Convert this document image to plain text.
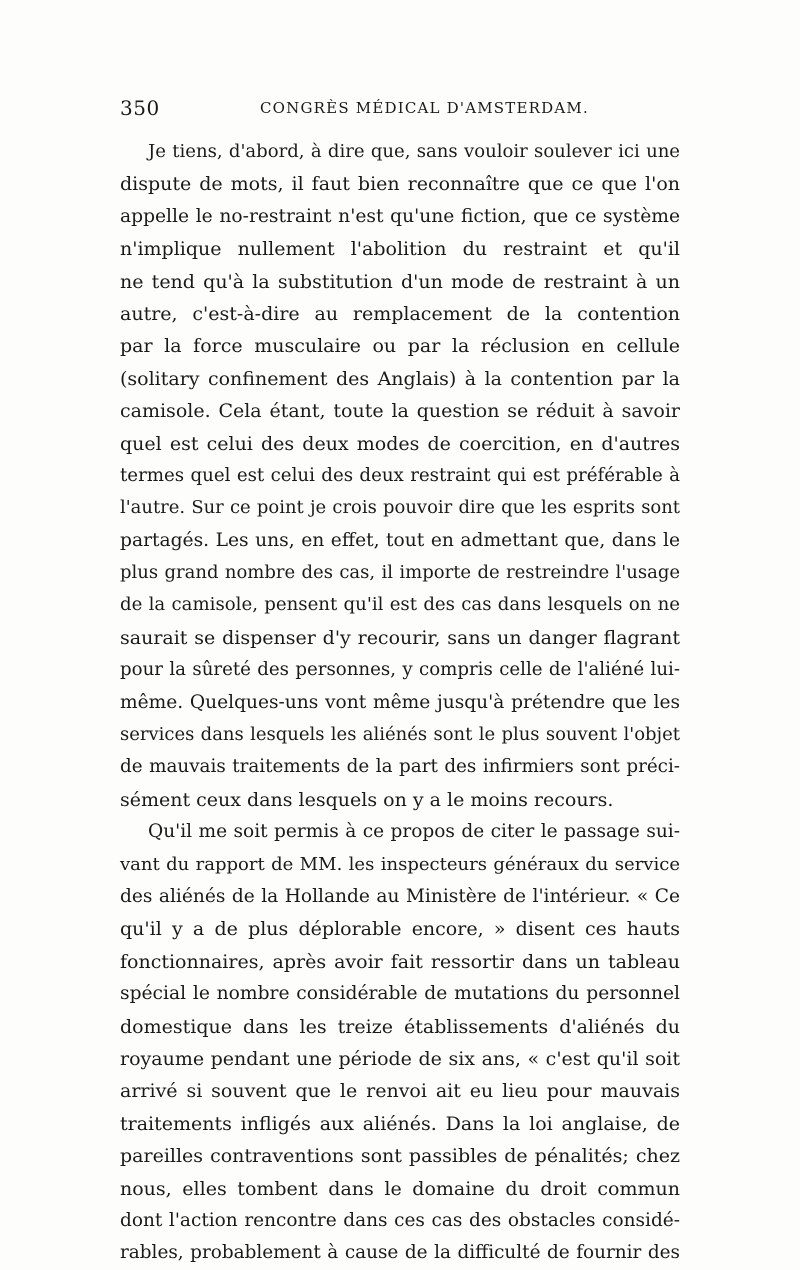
350	CONGRÈS MÉDICAL D'AMSTERDAM.
Je tiens, d'abord, à dire que, sans vouloir soulever ici une
dispute de mots, il faut bien reconnaître que ce que l'on
appelle le no-restraint n'est qu'une fiction, que ce système
n'implique nullement l'abolition du restraint et qu'il
ne tend qu'à la substitution d'un mode de restraint à un
autre, c'est-à-dire au remplacement de la contention
par la force musculaire ou par la réclusion en cellule
(solitary confinement des Anglais) à la contention par la
camisole. Cela étant, toute la question se réduit à savoir
quel est celui des deux modes de coercition, en d'autres
termes quel est celui des deux restraint qui est préférable à
l'autre. Sur ce point je crois pouvoir dire que les esprits sont
partagés. Les uns, en effet, tout en admettant que, dans le
plus grand nombre des cas, il importe de restreindre l'usage
de la camisole, pensent qu'il est des cas dans lesquels on ne
saurait se dispenser d'y recourir, sans un danger flagrant
pour la sûreté des personnes, y compris celle de l'aliéné lui-
même. Quelques-uns vont même jusqu'à prétendre que les
services dans lesquels les aliénés sont le plus souvent l'objet
de mauvais traitements de la part des infirmiers sont préci-
sément ceux dans lesquels on y a le moins recours.
Qu'il me soit permis à ce propos de citer le passage sui-
vant du rapport de MM. les inspecteurs généraux du service
des aliénés de la Hollande au Ministère de l'intérieur. « Ce
qu'il y a de plus déplorable encore, » disent ces hauts
fonctionnaires, après avoir fait ressortir dans un tableau
spécial le nombre considérable de mutations du personnel
domestique dans les treize établissements d'aliénés du
royaume pendant une période de six ans, « c'est qu'il soit
arrivé si souvent que le renvoi ait eu lieu pour mauvais
traitements infligés aux aliénés. Dans la loi anglaise, de
pareilles contraventions sont passibles de pénalités; chez
nous, elles tombent dans le domaine du droit commun
dont l'action rencontre dans ces cas des obstacles considé-
rables, probablement à cause de la difficulté de fournir des
